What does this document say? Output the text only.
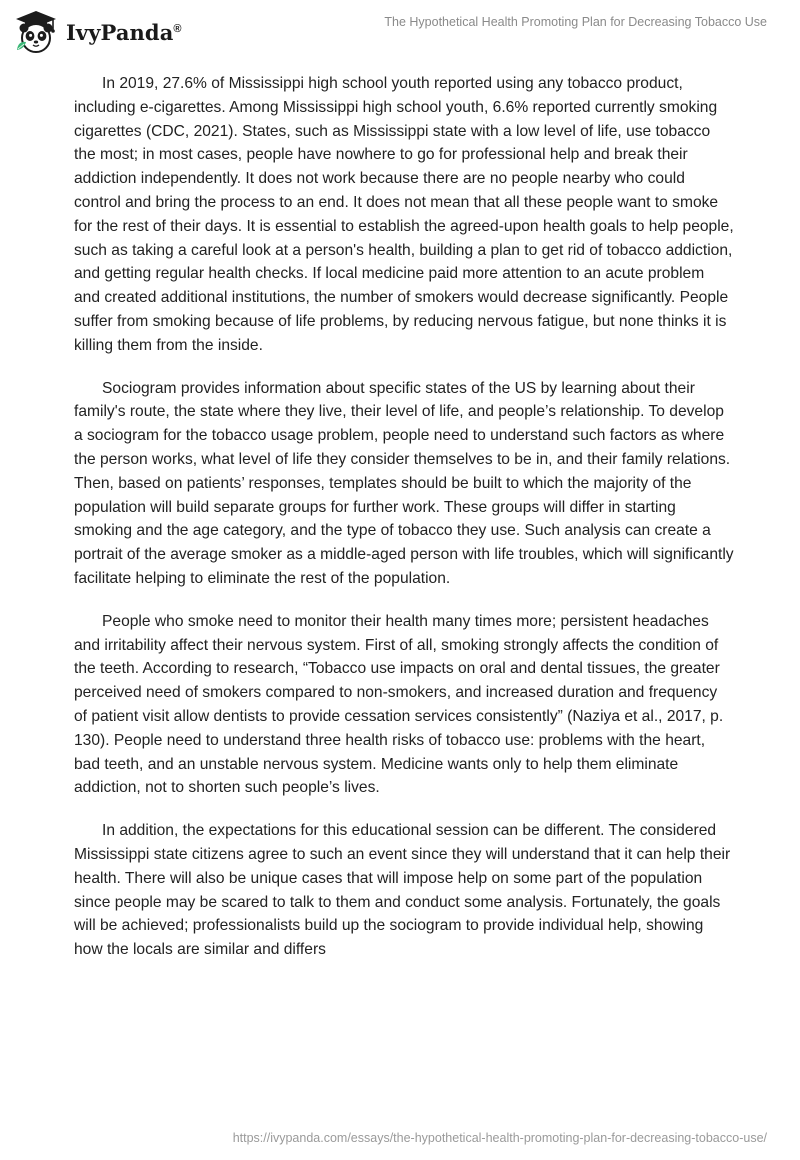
IvyPanda®	The Hypothetical Health Promoting Plan for Decreasing Tobacco Use

In 2019, 27.6% of Mississippi high school youth reported using any tobacco product, including e-cigarettes. Among Mississippi high school youth, 6.6% reported currently smoking cigarettes (CDC, 2021). States, such as Mississippi state with a low level of life, use tobacco the most; in most cases, people have nowhere to go for professional help and break their addiction independently. It does not work because there are no people nearby who could control and bring the process to an end. It does not mean that all these people want to smoke for the rest of their days. It is essential to establish the agreed-upon health goals to help people, such as taking a careful look at a person's health, building a plan to get rid of tobacco addiction, and getting regular health checks. If local medicine paid more attention to an acute problem and created additional institutions, the number of smokers would decrease significantly. People suffer from smoking because of life problems, by reducing nervous fatigue, but none thinks it is killing them from the inside.

Sociogram provides information about specific states of the US by learning about their family's route, the state where they live, their level of life, and people’s relationship. To develop a sociogram for the tobacco usage problem, people need to understand such factors as where the person works, what level of life they consider themselves to be in, and their family relations. Then, based on patients’ responses, templates should be built to which the majority of the population will build separate groups for further work. These groups will differ in starting smoking and the age category, and the type of tobacco they use. Such analysis can create a portrait of the average smoker as a middle-aged person with life troubles, which will significantly facilitate helping to eliminate the rest of the population.

People who smoke need to monitor their health many times more; persistent headaches and irritability affect their nervous system. First of all, smoking strongly affects the condition of the teeth. According to research, “Tobacco use impacts on oral and dental tissues, the greater perceived need of smokers compared to non-smokers, and increased duration and frequency of patient visit allow dentists to provide cessation services consistently” (Naziya et al., 2017, p. 130). People need to understand three health risks of tobacco use: problems with the heart, bad teeth, and an unstable nervous system. Medicine wants only to help them eliminate addiction, not to shorten such people’s lives.

In addition, the expectations for this educational session can be different. The considered Mississippi state citizens agree to such an event since they will understand that it can help their health. There will also be unique cases that will impose help on some part of the population since people may be scared to talk to them and conduct some analysis. Fortunately, the goals will be achieved; professionalists build up the sociogram to provide individual help, showing how the locals are similar and differs

https://ivypanda.com/essays/the-hypothetical-health-promoting-plan-for-decreasing-tobacco-use/
